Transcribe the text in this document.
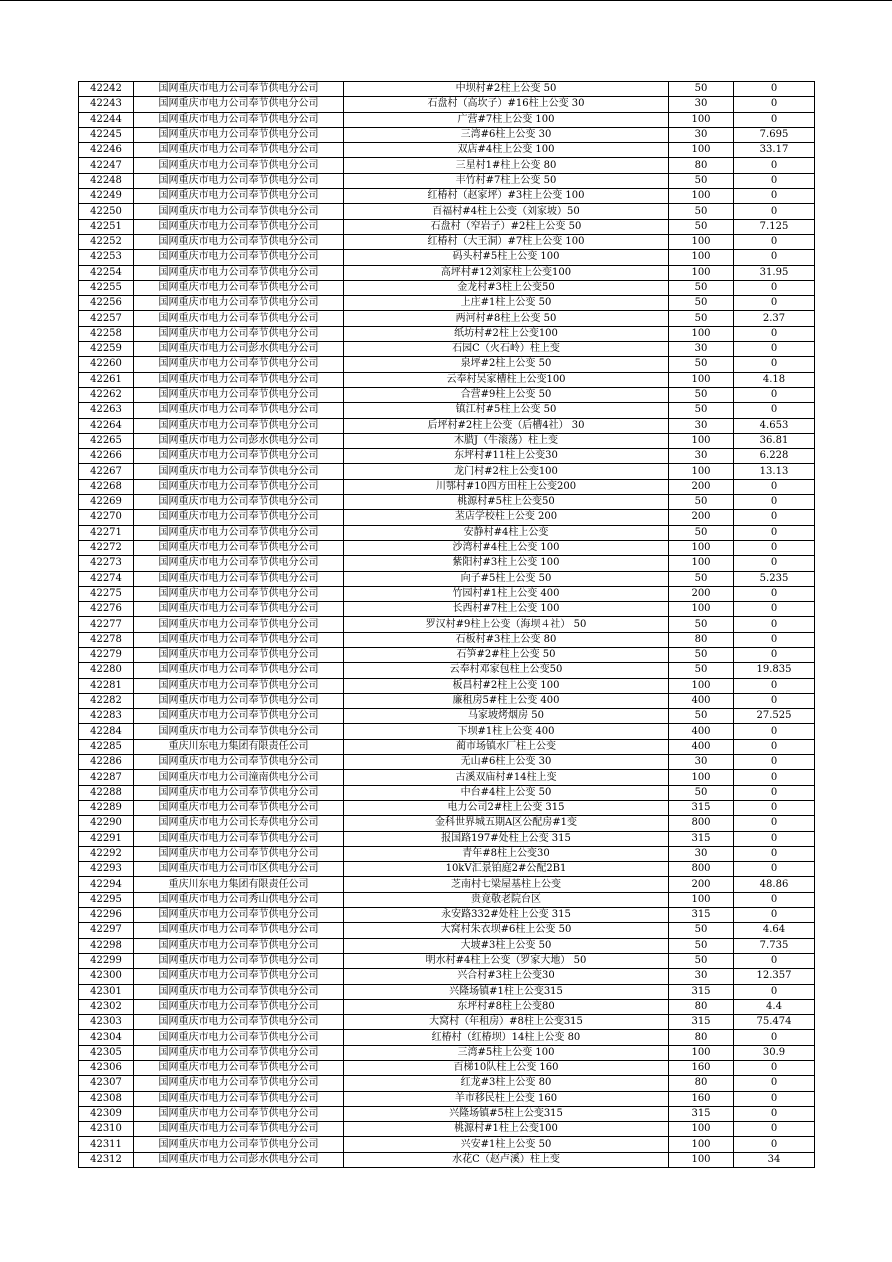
42242	国网重庆市电力公司奉节供电分公司	中坝村#2柱上公变 50	50	0
42243	国网重庆市电力公司奉节供电分公司	石盘村（高坎子）#16柱上公变 30	30	0
42244	国网重庆市电力公司奉节供电分公司	广营#7柱上公变 100	100	0
42245	国网重庆市电力公司奉节供电分公司	三湾#6柱上公变 30	30	7.695
42246	国网重庆市电力公司奉节供电分公司	双店#4柱上公变 100	100	33.17
42247	国网重庆市电力公司奉节供电分公司	三星村1#柱上公变 80	80	0
42248	国网重庆市电力公司奉节供电分公司	丰竹村#7柱上公变 50	50	0
42249	国网重庆市电力公司奉节供电分公司	红椿村（赵家坪）#3柱上公变 100	100	0
42250	国网重庆市电力公司奉节供电分公司	百福村#4柱上公变（刘家坡）50	50	0
42251	国网重庆市电力公司奉节供电分公司	石盘村（窄岩子）#2柱上公变 50	50	7.125
42252	国网重庆市电力公司奉节供电分公司	红椿村（大王洞）#7柱上公变 100	100	0
42253	国网重庆市电力公司奉节供电分公司	码头村#5柱上公变 100	100	0
42254	国网重庆市电力公司奉节供电分公司	高坪村#12刘家柱上公变100	100	31.95
42255	国网重庆市电力公司奉节供电分公司	金龙村#3柱上公变50	50	0
42256	国网重庆市电力公司奉节供电分公司	上庄#1柱上公变 50	50	0
42257	国网重庆市电力公司奉节供电分公司	两河村#8柱上公变 50	50	2.37
42258	国网重庆市电力公司奉节供电分公司	纸坊村#2柱上公变100	100	0
42259	国网重庆市电力公司彭水供电分公司	石园C（火石岭）柱上变	30	0
42260	国网重庆市电力公司奉节供电分公司	泉坪#2柱上公变 50	50	0
42261	国网重庆市电力公司奉节供电分公司	云奉村吴家槽柱上公变100	100	4.18
42262	国网重庆市电力公司奉节供电分公司	合营#9柱上公变 50	50	0
42263	国网重庆市电力公司奉节供电分公司	镇江村#5柱上公变 50	50	0
42264	国网重庆市电力公司奉节供电分公司	后坪村#2柱上公变（后槽4社） 30	30	4.653
42265	国网重庆市电力公司彭水供电分公司	木腊J（牛滚荡）柱上变	100	36.81
42266	国网重庆市电力公司奉节供电分公司	东坪村#11柱上公变30	30	6.228
42267	国网重庆市电力公司奉节供电分公司	龙门村#2柱上公变100	100	13.13
42268	国网重庆市电力公司奉节供电分公司	川鄂村#10四方田柱上公变200	200	0
42269	国网重庆市电力公司奉节供电分公司	桃源村#5柱上公变50	50	0
42270	国网重庆市电力公司奉节供电分公司	苤店学校柱上公变 200	200	0
42271	国网重庆市电力公司奉节供电分公司	安静村#4柱上公变	50	0
42272	国网重庆市电力公司奉节供电分公司	沙湾村#4柱上公变 100	100	0
42273	国网重庆市电力公司奉节供电分公司	紫阳村#3柱上公变 100	100	0
42274	国网重庆市电力公司奉节供电分公司	向子#5柱上公变 50	50	5.235
42275	国网重庆市电力公司奉节供电分公司	竹园村#1柱上公变 400	200	0
42276	国网重庆市电力公司奉节供电分公司	长西村#7柱上公变 100	100	0
42277	国网重庆市电力公司奉节供电分公司	罗汉村#9柱上公变（海坝４社） 50	50	0
42278	国网重庆市电力公司奉节供电分公司	石板村#3柱上公变 80	80	0
42279	国网重庆市电力公司奉节供电分公司	石笋#2#柱上公变 50	50	0
42280	国网重庆市电力公司奉节供电分公司	云奉村邓家包柱上公变50	50	19.835
42281	国网重庆市电力公司奉节供电分公司	板昌村#2柱上公变 100	100	0
42282	国网重庆市电力公司奉节供电分公司	廉租房5#柱上公变 400	400	0
42283	国网重庆市电力公司奉节供电分公司	马家坡烤烟房 50	50	27.525
42284	国网重庆市电力公司奉节供电分公司	下坝#1柱上公变 400	400	0
42285	重庆川东电力集团有限责任公司	蔺市场镇水厂柱上公变	400	0
42286	国网重庆市电力公司奉节供电分公司	无山#6柱上公变 30	30	0
42287	国网重庆市电力公司潼南供电分公司	古溪双庙村#14柱上变	100	0
42288	国网重庆市电力公司奉节供电分公司	中台#4柱上公变 50	50	0
42289	国网重庆市电力公司奉节供电分公司	电力公司2#柱上公变 315	315	0
42290	国网重庆市电力公司长寿供电分公司	金科世界城五期A区公配房#1变	800	0
42291	国网重庆市电力公司奉节供电分公司	报国路197#处柱上公变 315	315	0
42292	国网重庆市电力公司奉节供电分公司	青年#8柱上公变30	30	0
42293	国网重庆市电力公司市区供电分公司	10kV汇景铂庭2#公配2B1	800	0
42294	重庆川东电力集团有限责任公司	芝南村七梁屋基柱上公变	200	48.86
42295	国网重庆市电力公司秀山供电分公司	贵竟敬老院台区	100	0
42296	国网重庆市电力公司奉节供电分公司	永安路332#处柱上公变 315	315	0
42297	国网重庆市电力公司奉节供电分公司	大窝村朱衣坝#6柱上公变 50	50	4.64
42298	国网重庆市电力公司奉节供电分公司	大坡#3柱上公变 50	50	7.735
42299	国网重庆市电力公司奉节供电分公司	明水村#4柱上公变（罗家大地） 50	50	0
42300	国网重庆市电力公司奉节供电分公司	兴合村#3柱上公变30	30	12.357
42301	国网重庆市电力公司奉节供电分公司	兴隆场镇#1柱上公变315	315	0
42302	国网重庆市电力公司奉节供电分公司	东坪村#8柱上公变80	80	4.4
42303	国网重庆市电力公司奉节供电分公司	大窝村（年租房）#8柱上公变315	315	75.474
42304	国网重庆市电力公司奉节供电分公司	红椿村（红椿坝）14柱上公变 80	80	0
42305	国网重庆市电力公司奉节供电分公司	三湾#5柱上公变 100	100	30.9
42306	国网重庆市电力公司奉节供电分公司	百梯10队柱上公变 160	160	0
42307	国网重庆市电力公司奉节供电分公司	红龙#3柱上公变 80	80	0
42308	国网重庆市电力公司奉节供电分公司	羊市移民柱上公变 160	160	0
42309	国网重庆市电力公司奉节供电分公司	兴隆场镇#5柱上公变315	315	0
42310	国网重庆市电力公司奉节供电分公司	桃源村#1柱上公变100	100	0
42311	国网重庆市电力公司奉节供电分公司	兴安#1柱上公变 50	100	0
42312	国网重庆市电力公司彭水供电分公司	水花C（赵卢溪）柱上变	100	34
